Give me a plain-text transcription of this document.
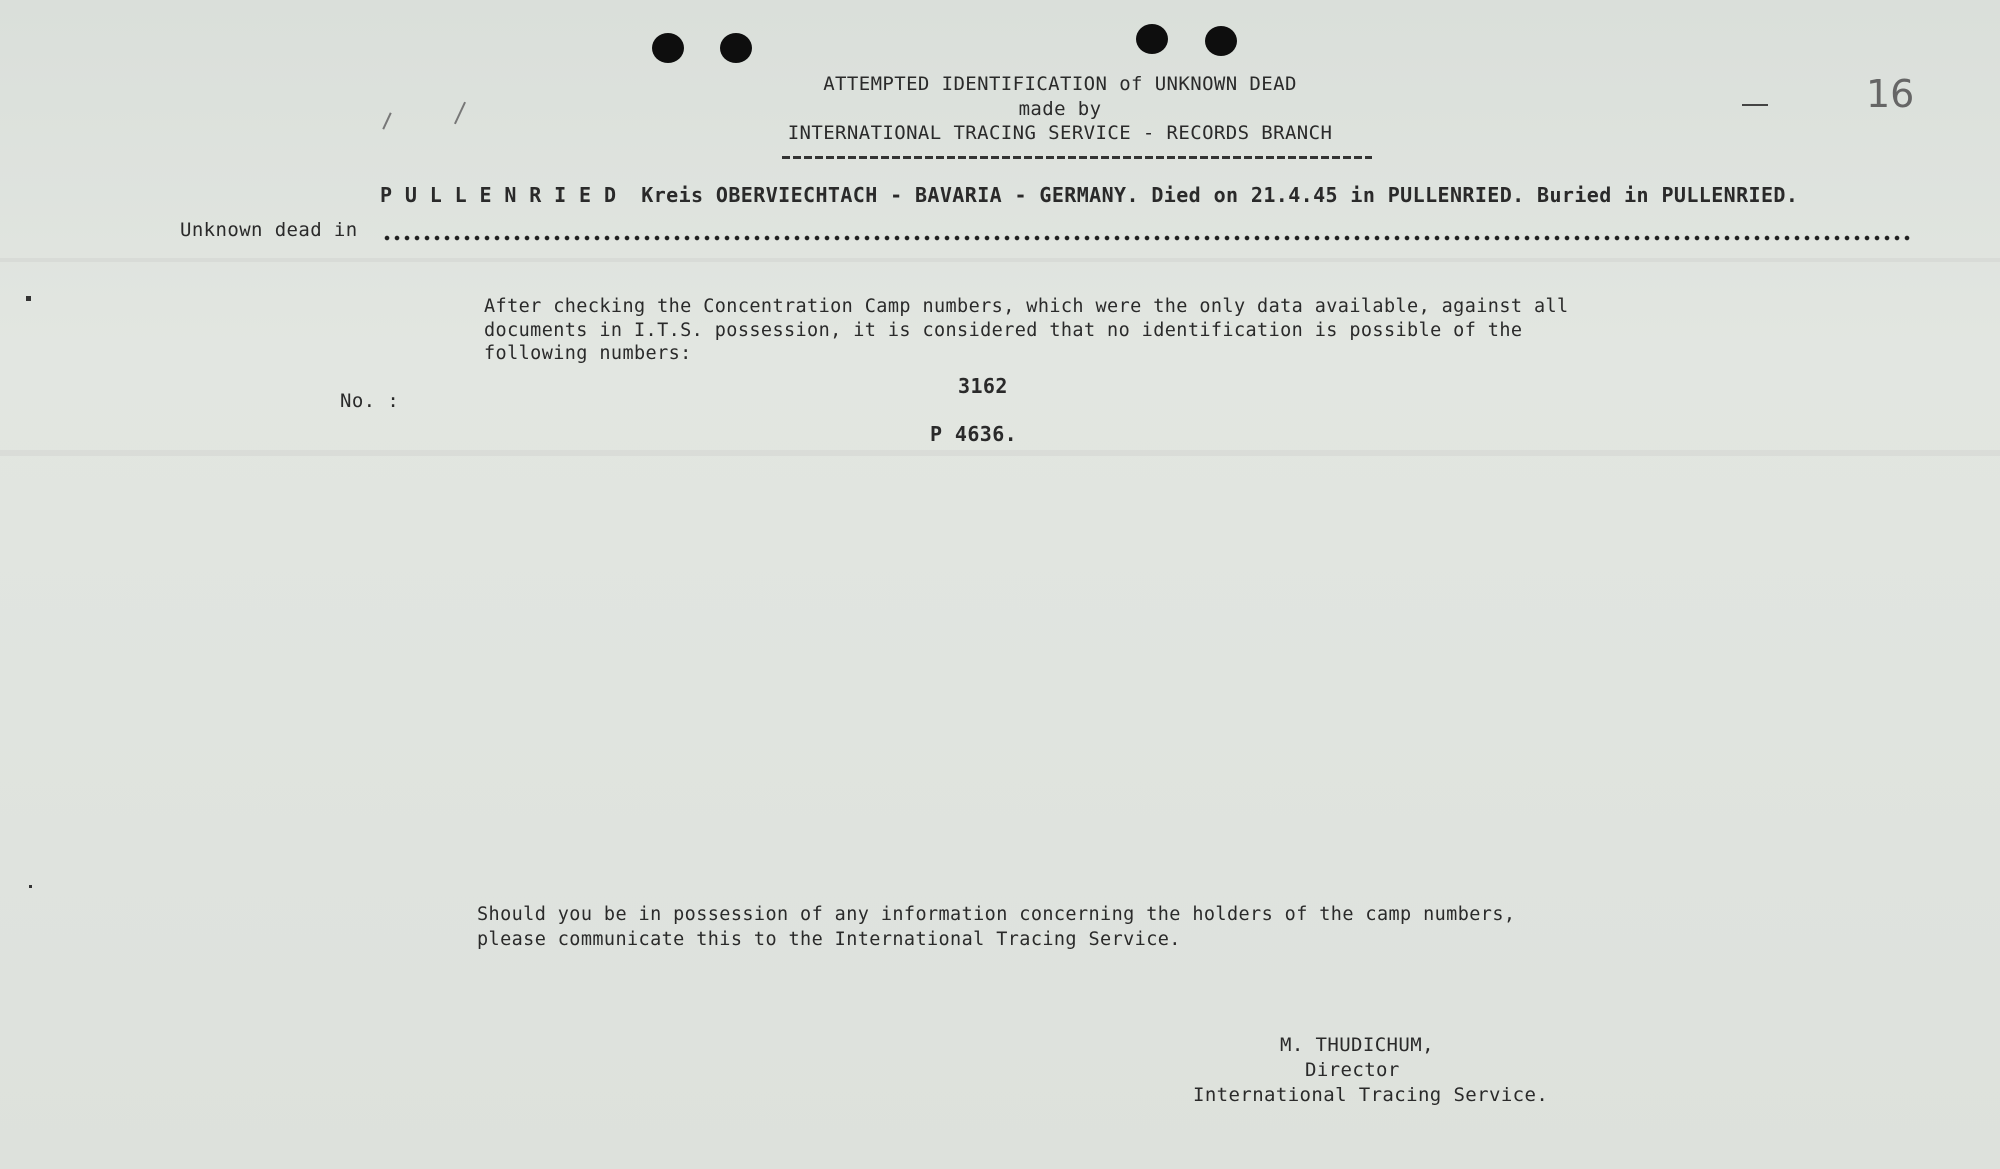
16
ATTEMPTED IDENTIFICATION of UNKNOWN DEAD
made by
INTERNATIONAL TRACING SERVICE - RECORDS BRANCH
P U L L E N R I E D Kreis OBERVIECHTACH - BAVARIA - GERMANY. Died on 21.4.45 in PULLENRIED. Buried in PULLENRIED.
Unknown dead in
After checking the Concentration Camp numbers, which were the only data available, against all
documents in I.T.S. possession, it is considered that no identification is possible of the
following numbers:
No. :
3162
P 4636.
Should you be in possession of any information concerning the holders of the camp numbers,
please communicate this to the International Tracing Service.
M. THUDICHUM,
Director
International Tracing Service.
